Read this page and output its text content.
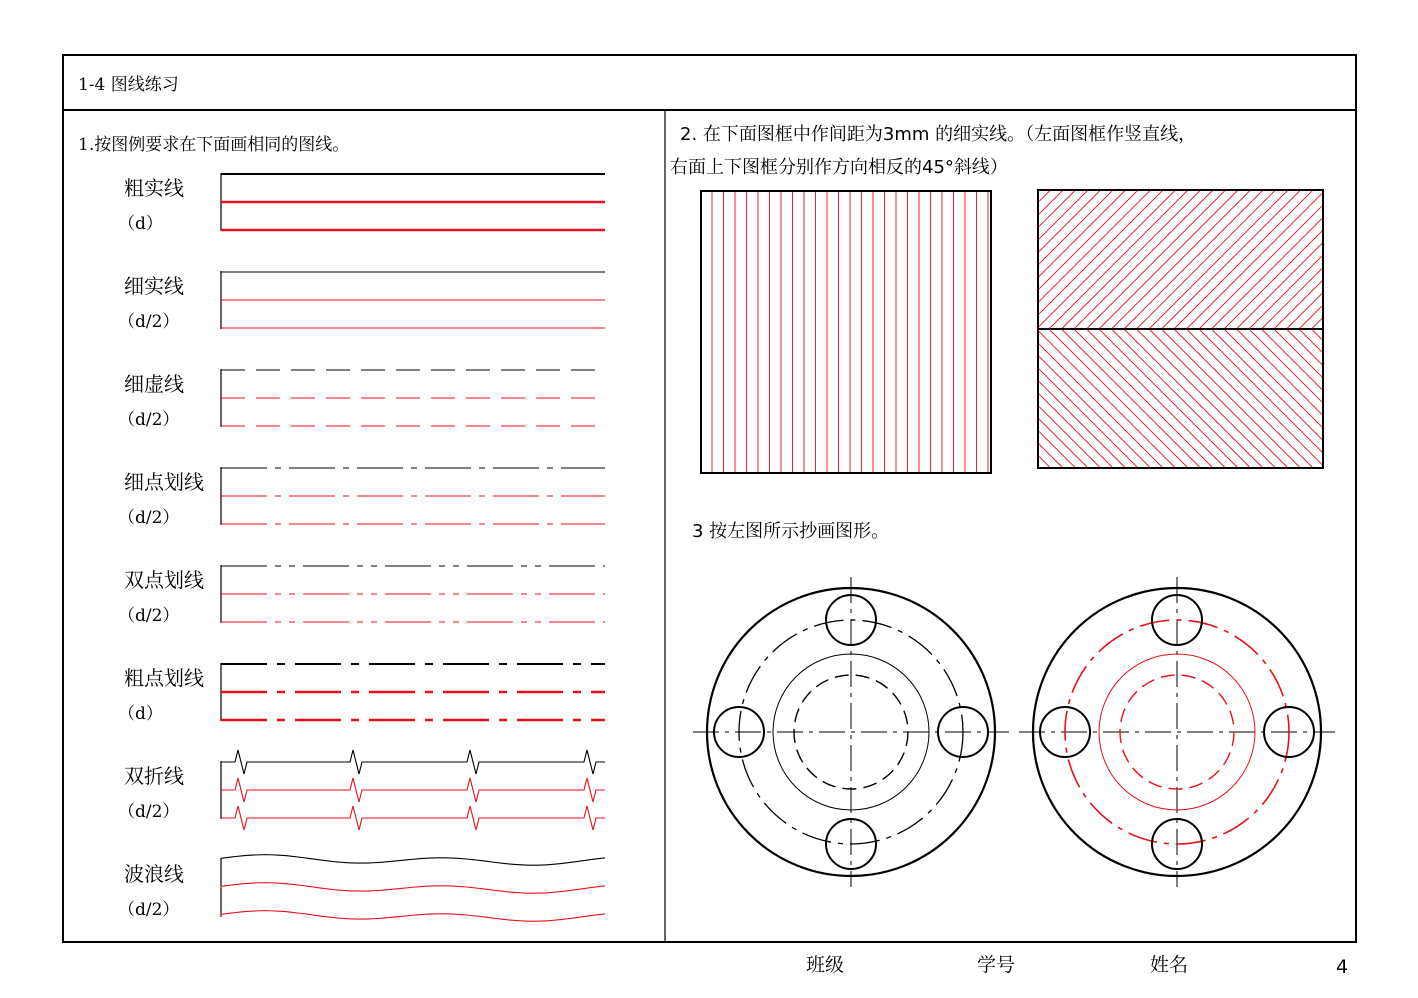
1-4 图线练习
1.按图例要求在下面画相同的图线。
粗实线
（d）
细实线
（d/2）
细虚线
（d/2）
细点划线
（d/2）
双点划线
（d/2）
粗点划线
（d）
双折线
（d/2）
波浪线
（d/2）
2. 在下面图框中作间距为3mm 的细实线。（左面图框作竖直线，
右面上下图框分别作方向相反的45°斜线）
3 按左图所示抄画图形。
班级	学号	姓名	4
